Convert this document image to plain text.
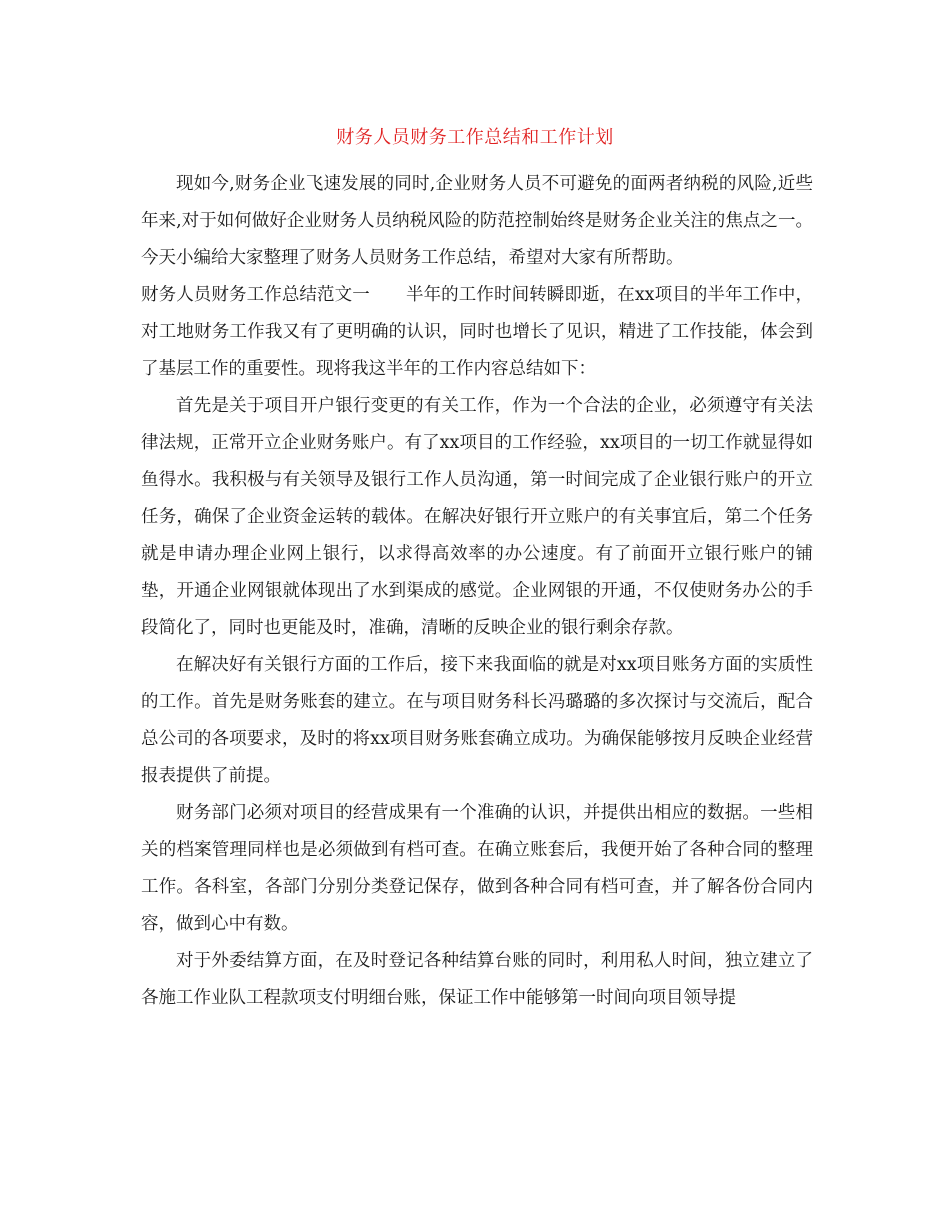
财务人员财务工作总结和工作计划

现如今,财务企业飞速发展的同时,企业财务人员不可避免的面两者纳税的风险,近些年来,对于如何做好企业财务人员纳税风险的防范控制始终是财务企业关注的焦点之一。今天小编给大家整理了财务人员财务工作总结，希望对大家有所帮助。

财务人员财务工作总结范文一 半年的工作时间转瞬即逝，在xx项目的半年工作中，对工地财务工作我又有了更明确的认识，同时也增长了见识，精进了工作技能，体会到了基层工作的重要性。现将我这半年的工作内容总结如下：

首先是关于项目开户银行变更的有关工作，作为一个合法的企业，必须遵守有关法律法规，正常开立企业财务账户。有了xx项目的工作经验，xx项目的一切工作就显得如鱼得水。我积极与有关领导及银行工作人员沟通，第一时间完成了企业银行账户的开立任务，确保了企业资金运转的载体。在解决好银行开立账户的有关事宜后，第二个任务就是申请办理企业网上银行，以求得高效率的办公速度。有了前面开立银行账户的铺垫，开通企业网银就体现出了水到渠成的感觉。企业网银的开通，不仅使财务办公的手段简化了，同时也更能及时，准确，清晰的反映企业的银行剩余存款。

在解决好有关银行方面的工作后，接下来我面临的就是对xx项目账务方面的实质性的工作。首先是财务账套的建立。在与项目财务科长冯璐璐的多次探讨与交流后，配合总公司的各项要求，及时的将xx项目财务账套确立成功。为确保能够按月反映企业经营报表提供了前提。

财务部门必须对项目的经营成果有一个准确的认识，并提供出相应的数据。一些相关的档案管理同样也是必须做到有档可查。在确立账套后，我便开始了各种合同的整理工作。各科室，各部门分别分类登记保存，做到各种合同有档可查，并了解各份合同内容，做到心中有数。

对于外委结算方面，在及时登记各种结算台账的同时，利用私人时间，独立建立了各施工作业队工程款项支付明细台账，保证工作中能够第一时间向项目领导提
